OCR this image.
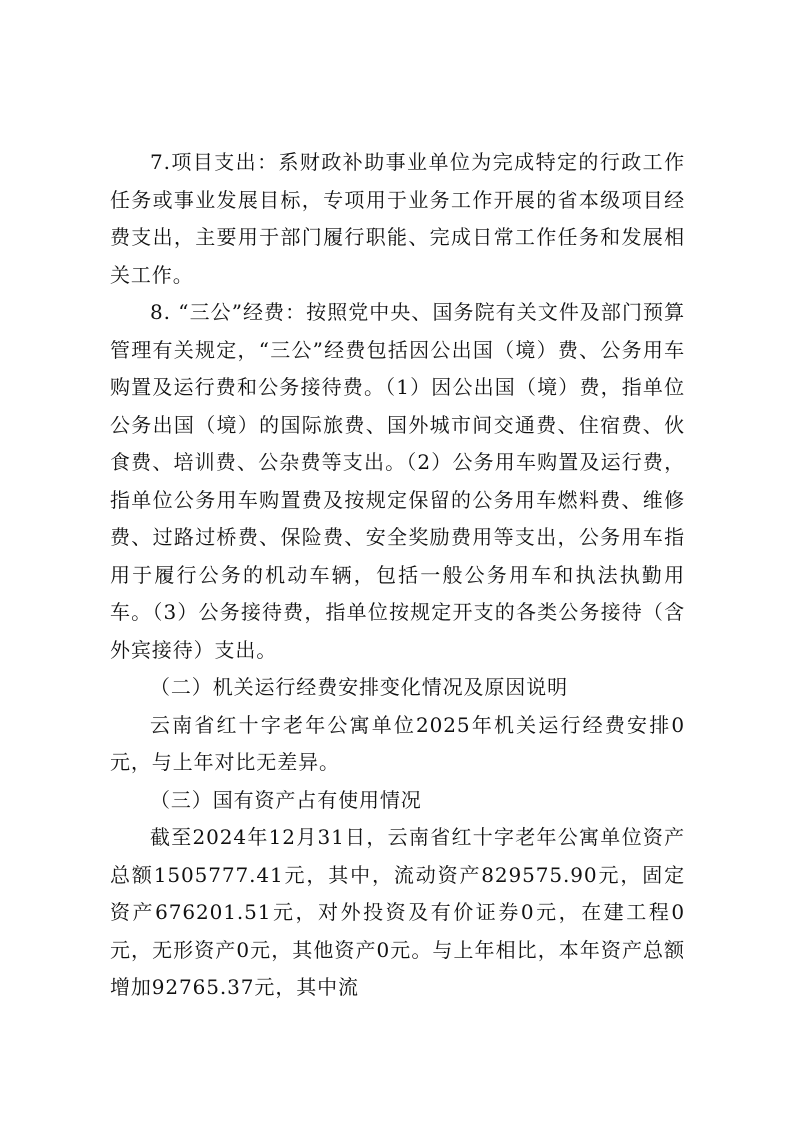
7.项目支出：系财政补助事业单位为完成特定的行政工作任务或事业发展目标，专项用于业务工作开展的省本级项目经费支出，主要用于部门履行职能、完成日常工作任务和发展相关工作。

8. “三公”经费：按照党中央、国务院有关文件及部门预算管理有关规定，“三公”经费包括因公出国（境）费、公务用车购置及运行费和公务接待费。（1）因公出国（境）费，指单位公务出国（境）的国际旅费、国外城市间交通费、住宿费、伙食费、培训费、公杂费等支出。（2）公务用车购置及运行费，指单位公务用车购置费及按规定保留的公务用车燃料费、维修费、过路过桥费、保险费、安全奖励费用等支出，公务用车指用于履行公务的机动车辆，包括一般公务用车和执法执勤用车。（3）公务接待费，指单位按规定开支的各类公务接待（含外宾接待）支出。

（二）机关运行经费安排变化情况及原因说明

云南省红十字老年公寓单位2025年机关运行经费安排0元，与上年对比无差异。

（三）国有资产占有使用情况

截至2024年12月31日，云南省红十字老年公寓单位资产总额1505777.41元，其中，流动资产829575.90元，固定资产676201.51元，对外投资及有价证券0元，在建工程0元，无形资产0元，其他资产0元。与上年相比，本年资产总额增加92765.37元，其中流
